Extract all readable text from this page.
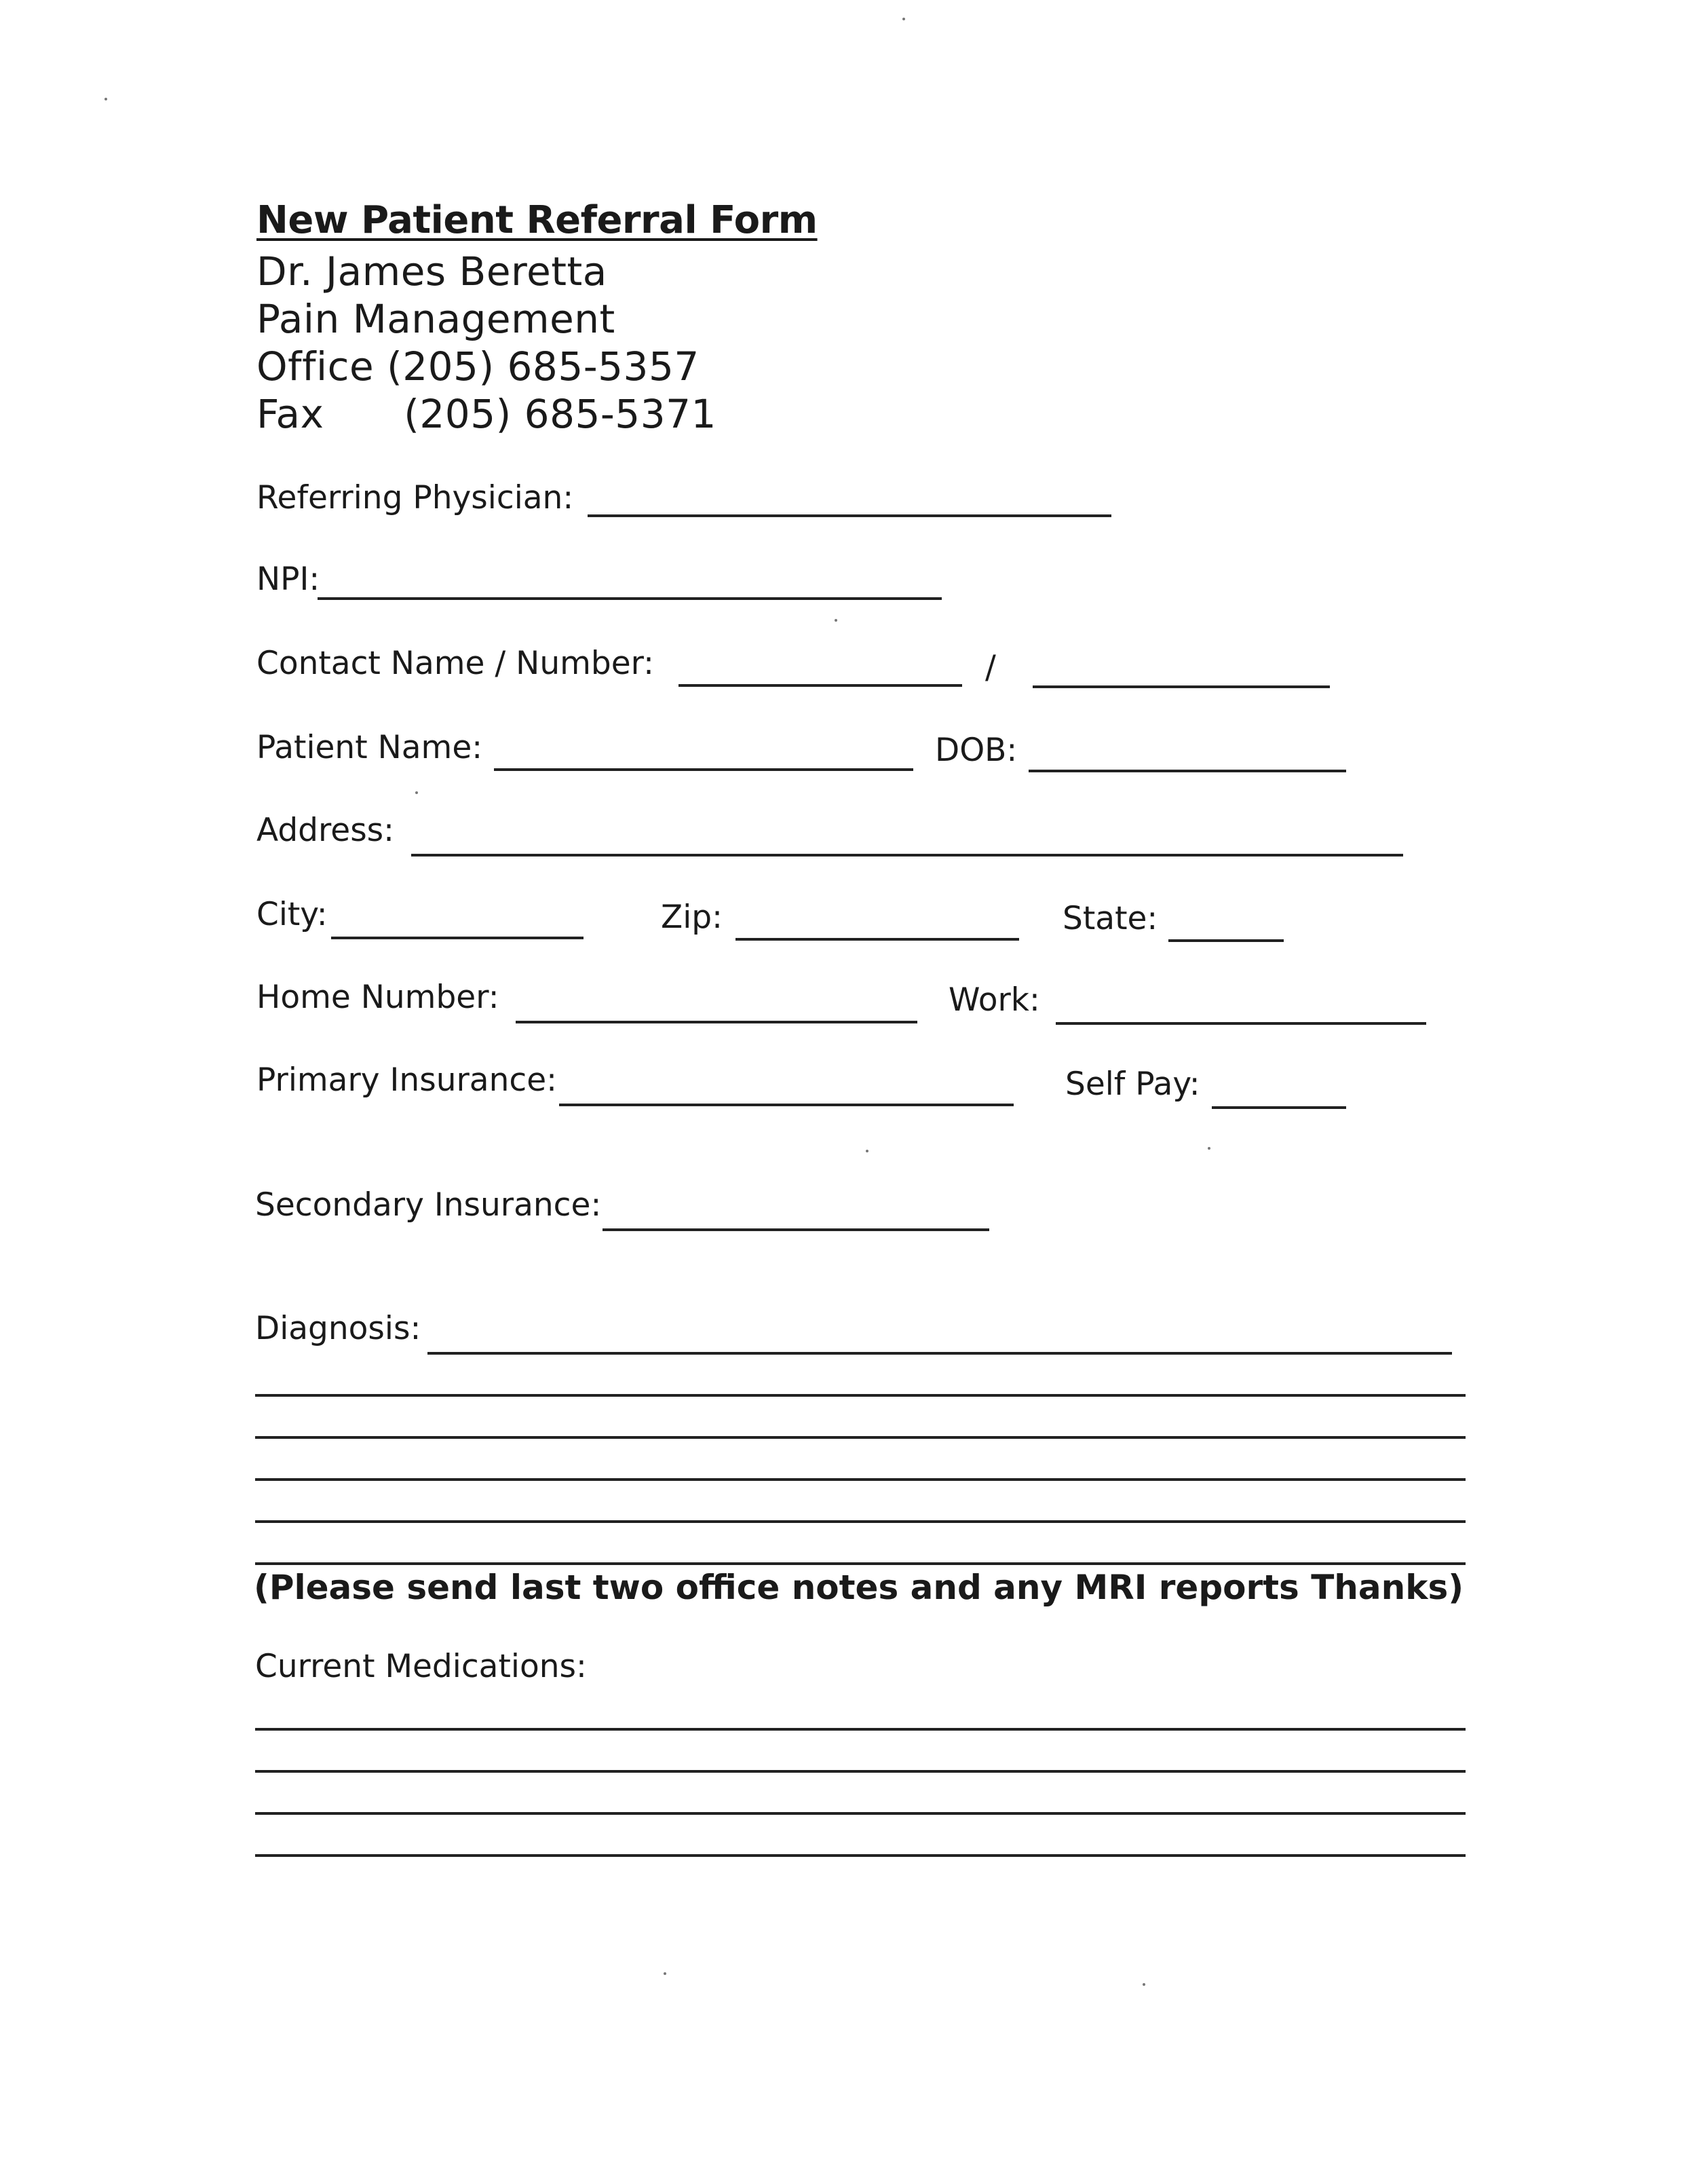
New Patient Referral Form
Dr. James Beretta
Pain Management
Office (205) 685-5357
Fax (205) 685-5371
Referring Physician:
NPI:
Contact Name / Number:	/
Patient Name:	DOB:
Address:
City:	Zip:	State:
Home Number:	Work:
Primary Insurance:	Self Pay:
Secondary Insurance:
Diagnosis:
(Please send last two office notes and any MRI reports Thanks)
Current Medications:
